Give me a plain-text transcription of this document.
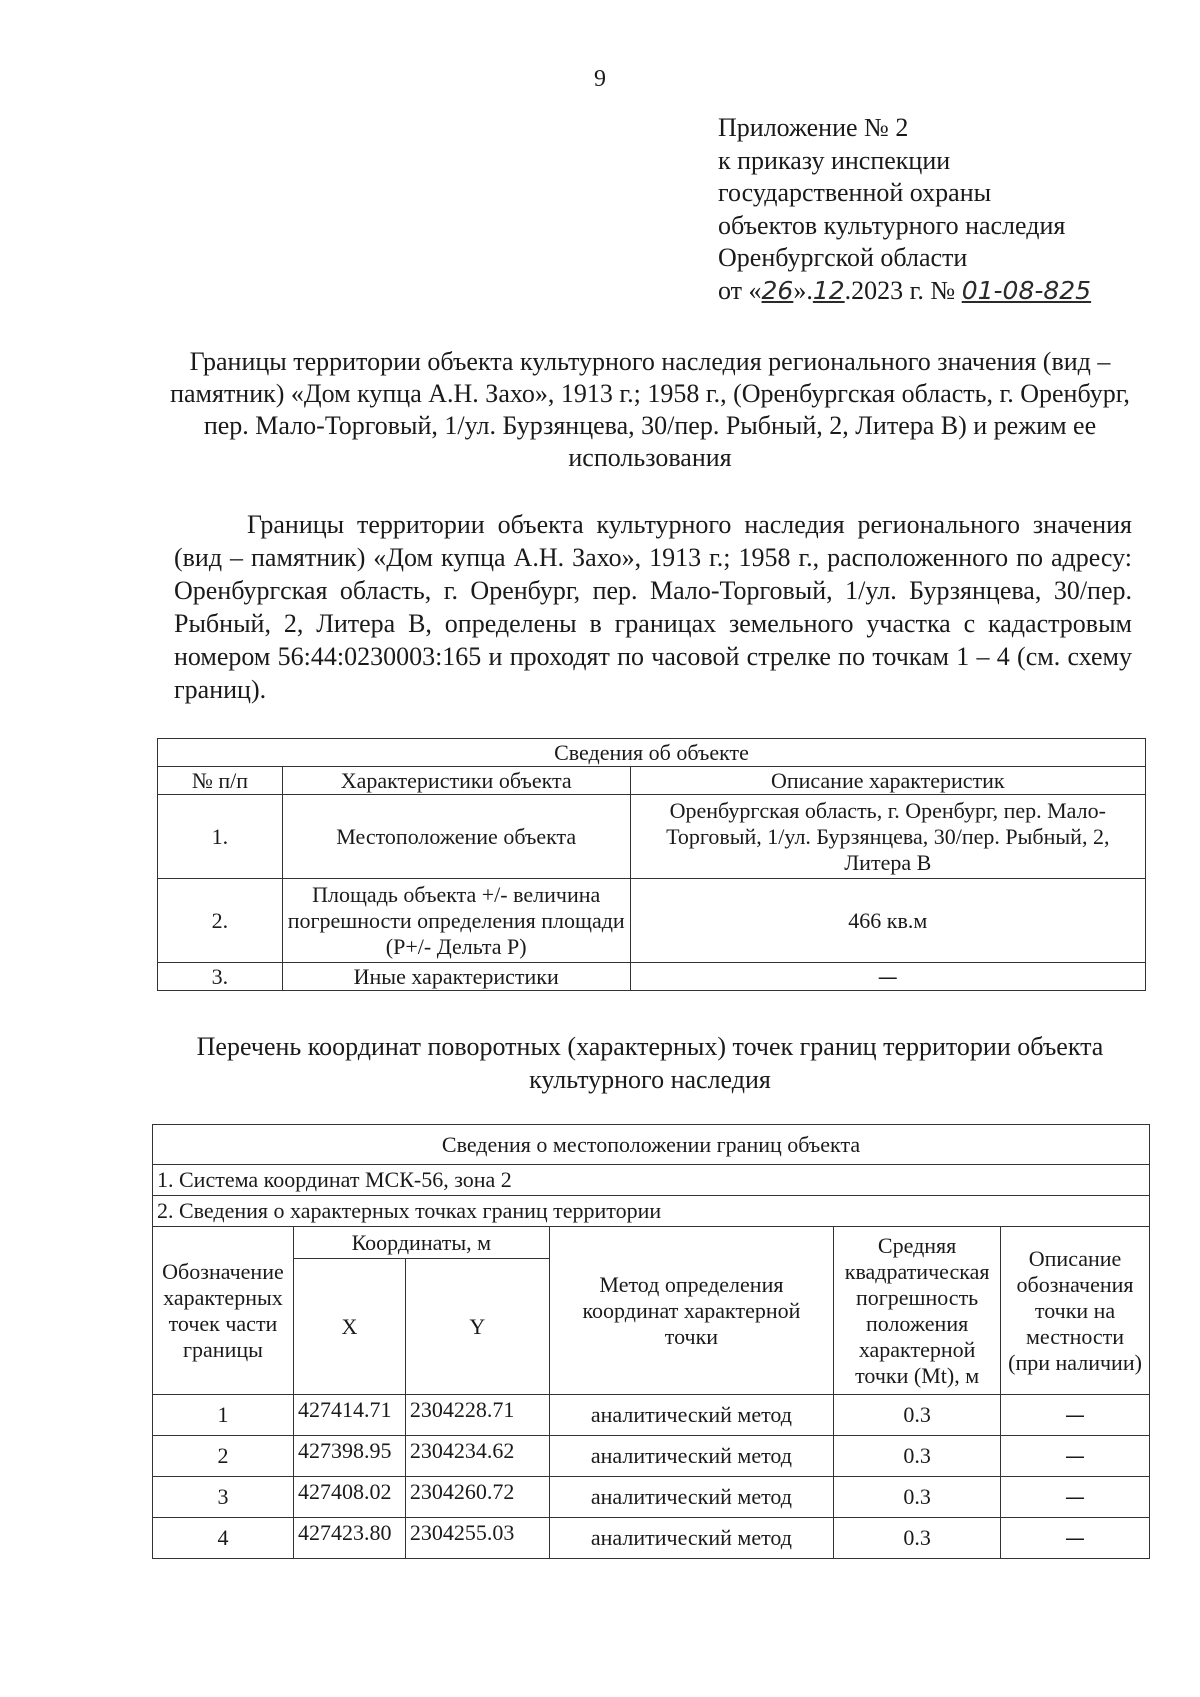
9
Приложение № 2
к приказу инспекции
государственной охраны
объектов культурного наследия
Оренбургской области
от «26».12.2023 г. № 01-08-825
Границы территории объекта культурного наследия регионального значения (вид – памятник) «Дом купца А.Н. Захо», 1913 г.; 1958 г., (Оренбургская область, г. Оренбург, пер. Мало-Торговый, 1/ул. Бурзянцева, 30/пер. Рыбный, 2, Литера В) и режим ее использования
Границы территории объекта культурного наследия регионального значения (вид – памятник) «Дом купца А.Н. Захо», 1913 г.; 1958 г., расположенного по адресу: Оренбургская область, г. Оренбург, пер. Мало-Торговый, 1/ул. Бурзянцева, 30/пер. Рыбный, 2, Литера В, определены в границах земельного участка с кадастровым номером 56:44:0230003:165 и проходят по часовой стрелке по точкам 1 – 4 (см. схему границ).
Сведения об объекте		
№ п/п	Характеристики объекта	Описание характеристик
1.	Местоположение объекта	Оренбургская область, г. Оренбург, пер. Мало-Торговый, 1/ул. Бурзянцева, 30/пер. Рыбный, 2, Литера В
2.	Площадь объекта +/- величина погрешности определения площади (Р+/- Дельта Р)	466 кв.м
3.	Иные характеристики	—
Перечень координат поворотных (характерных) точек границ территории объекта культурного наследия
Сведения о местоположении границ объекта					
1. Система координат МСК-56, зона 2					
2. Сведения о характерных точках границ территории					
Обозначение характерных точек части границы	Координаты, м		Метод определения координат характерной точки	Средняя квадратическая погрешность положения характерной точки (Mt), м	Описание обозначения точки на местности (при наличии)
	X	Y			
1	427414.71	2304228.71	аналитический метод	0.3	—
2	427398.95	2304234.62	аналитический метод	0.3	—
3	427408.02	2304260.72	аналитический метод	0.3	—
4	427423.80	2304255.03	аналитический метод	0.3	—
